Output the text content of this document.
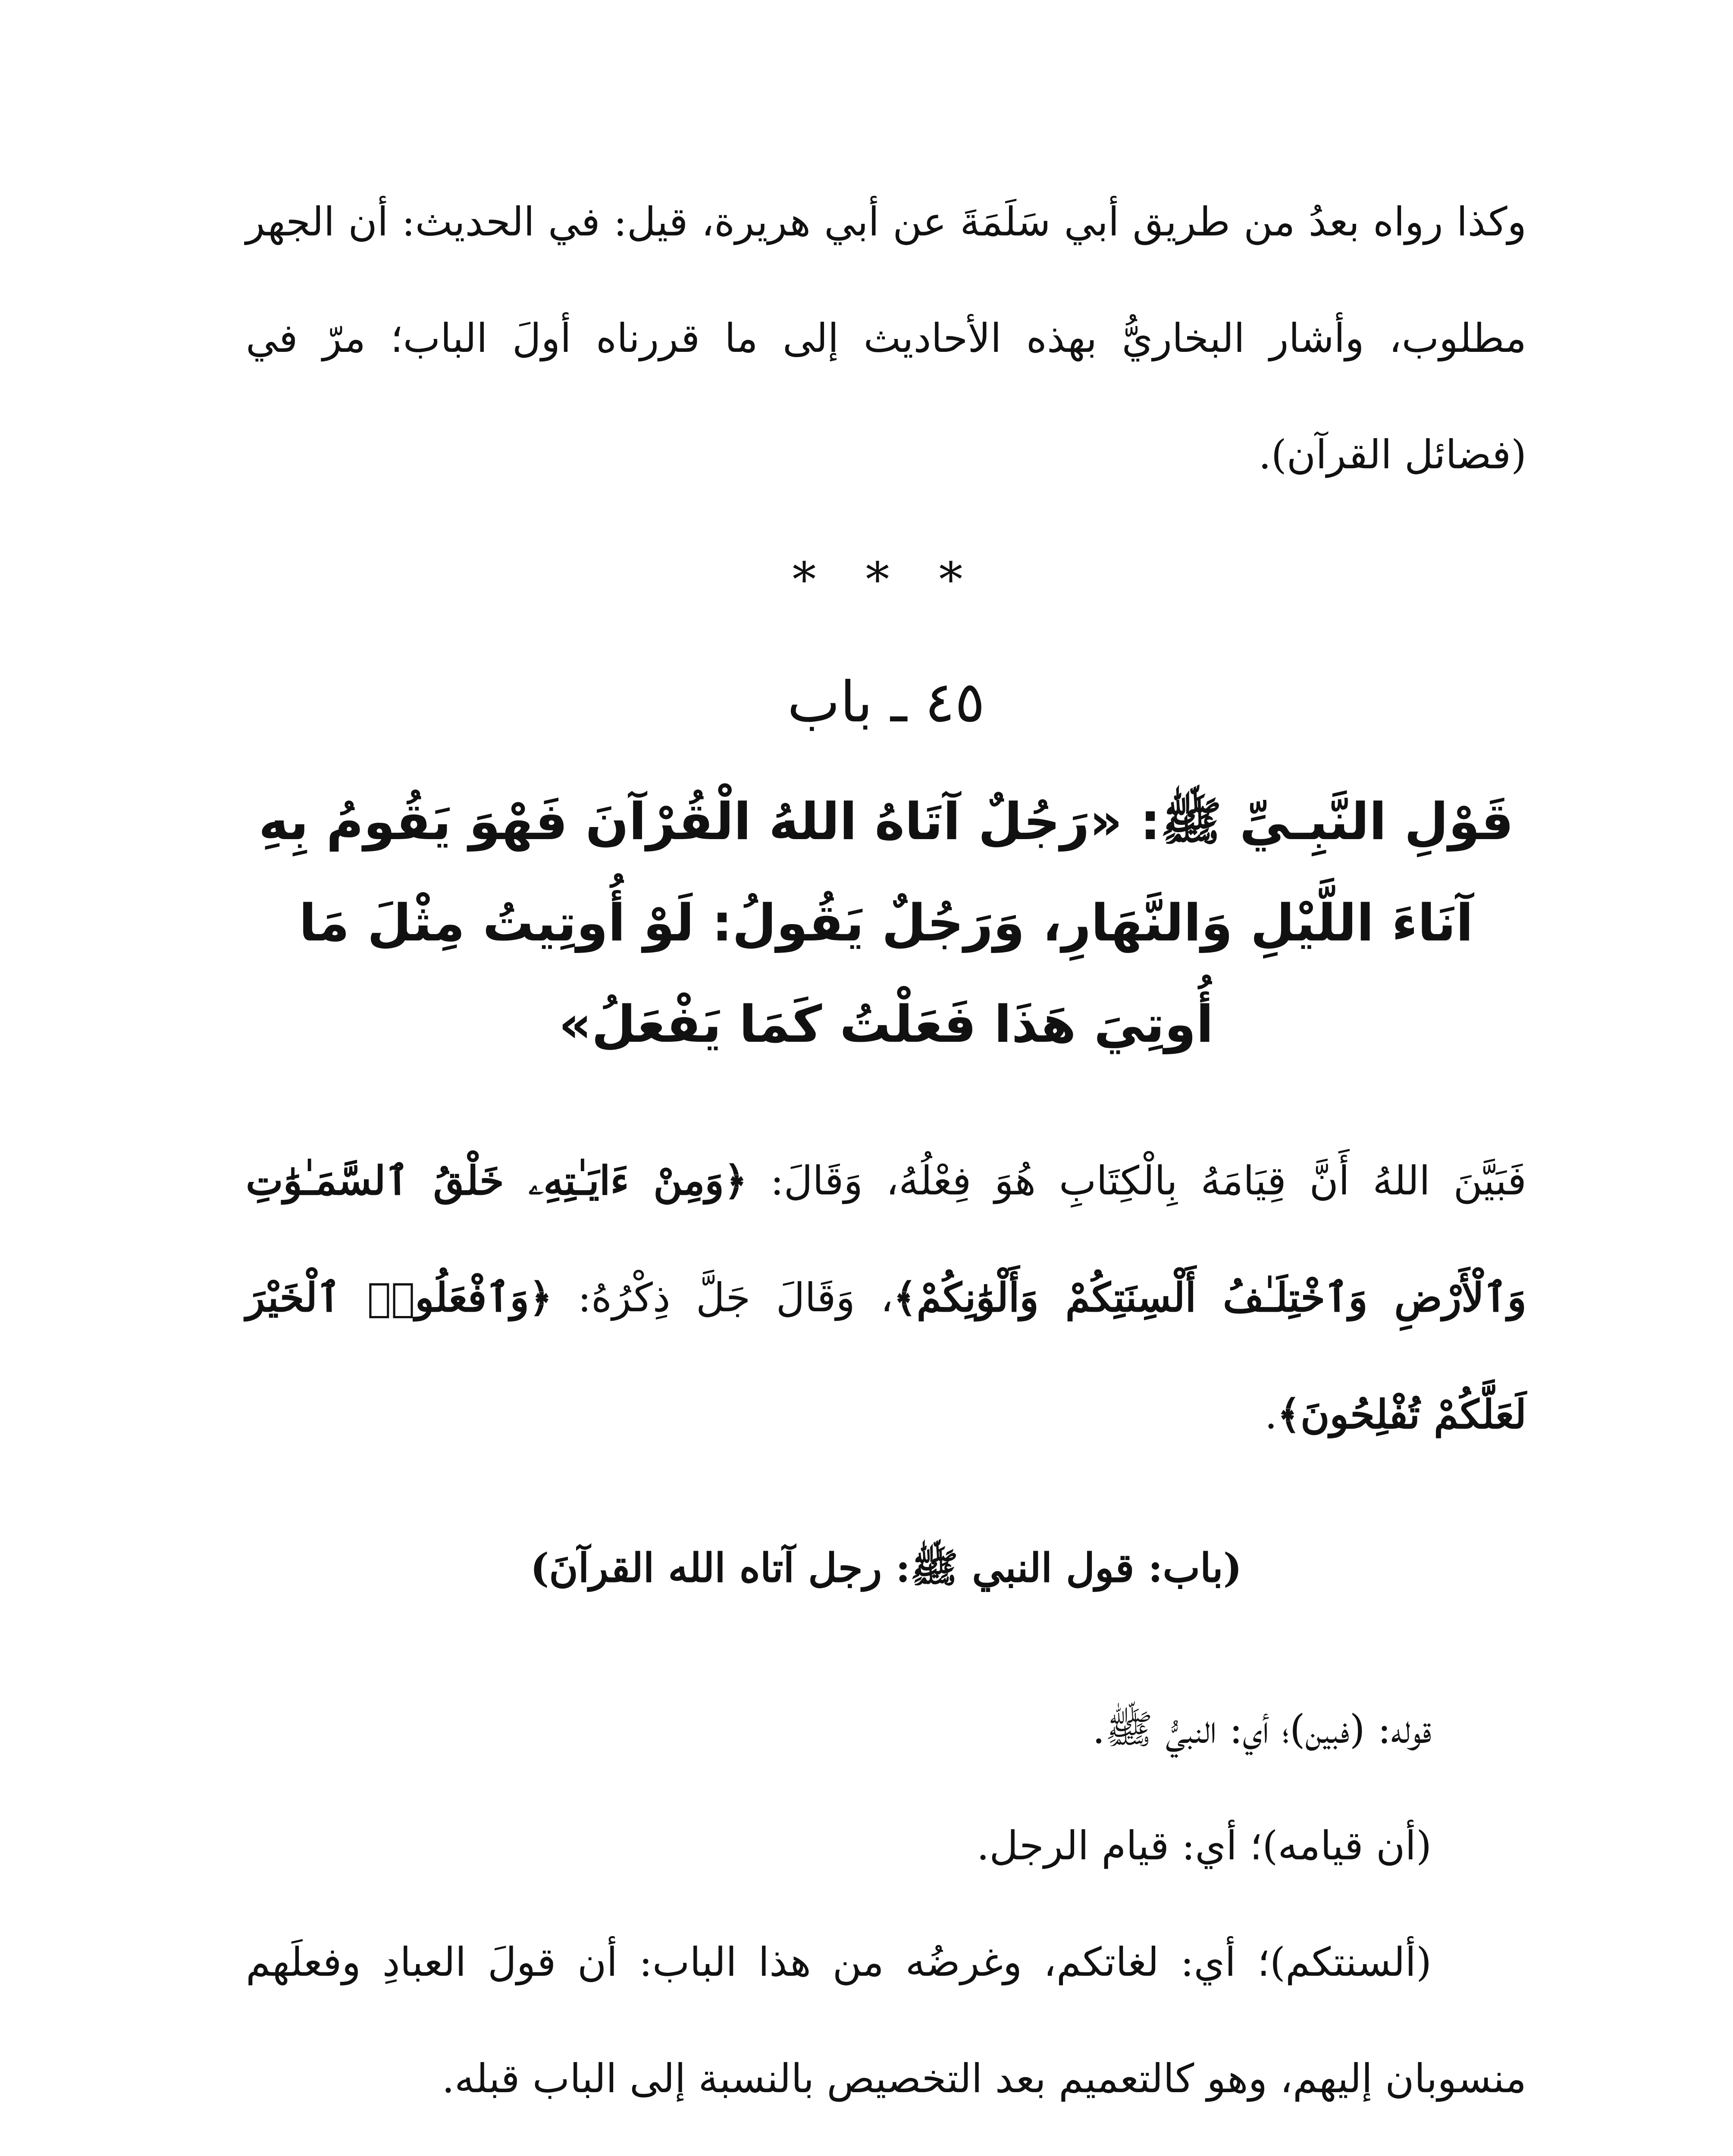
وكذا رواه بعدُ من طريق أبي سَلَمَةَ عن أبي هريرة، قيل: في الحديث: أن الجهر مطلوب، وأشار البخاريُّ بهذه الأحاديث إلى ما قررناه أولَ الباب؛ مرّ في (فضائل القرآن).

* * *

٤٥ ـ باب

قَوْلِ النَّبِـيِّ ﷺ: «رَجُلٌ آتَاهُ اللهُ الْقُرْآنَ فَهْوَ يَقُومُ بِهِ آنَاءَ اللَّيْلِ وَالنَّهَارِ، وَرَجُلٌ يَقُولُ: لَوْ أُوتِيتُ مِثْلَ مَا أُوتِيَ هَذَا فَعَلْتُ كَمَا يَفْعَلُ»

فَبَيَّنَ اللهُ أَنَّ قِيَامَهُ بِالْكِتَابِ هُوَ فِعْلُهُ، وَقَالَ: ﴿وَمِنْ ءَايَـٰتِهِۦ خَلْقُ ٱلسَّمَـٰوَٰتِ وَٱلْأَرْضِ وَٱخْتِلَـٰفُ أَلْسِنَتِكُمْ وَأَلْوَٰنِكُمْ﴾، وَقَالَ جَلَّ ذِكْرُهُ: ﴿وَٱفْعَلُوا۟ ٱلْخَيْرَ لَعَلَّكُمْ تُفْلِحُونَ﴾.

(باب: قول النبي ﷺ: رجل آتاه الله القرآنَ)

قوله: (فبين)؛ أي: النبيُّ ﷺ.

(أن قيامه)؛ أي: قيام الرجل.

(ألسنتكم)؛ أي: لغاتكم، وغرضُه من هذا الباب: أن قولَ العبادِ وفعلَهم منسوبان إليهم، وهو كالتعميم بعد التخصيص بالنسبة إلى الباب قبله.
